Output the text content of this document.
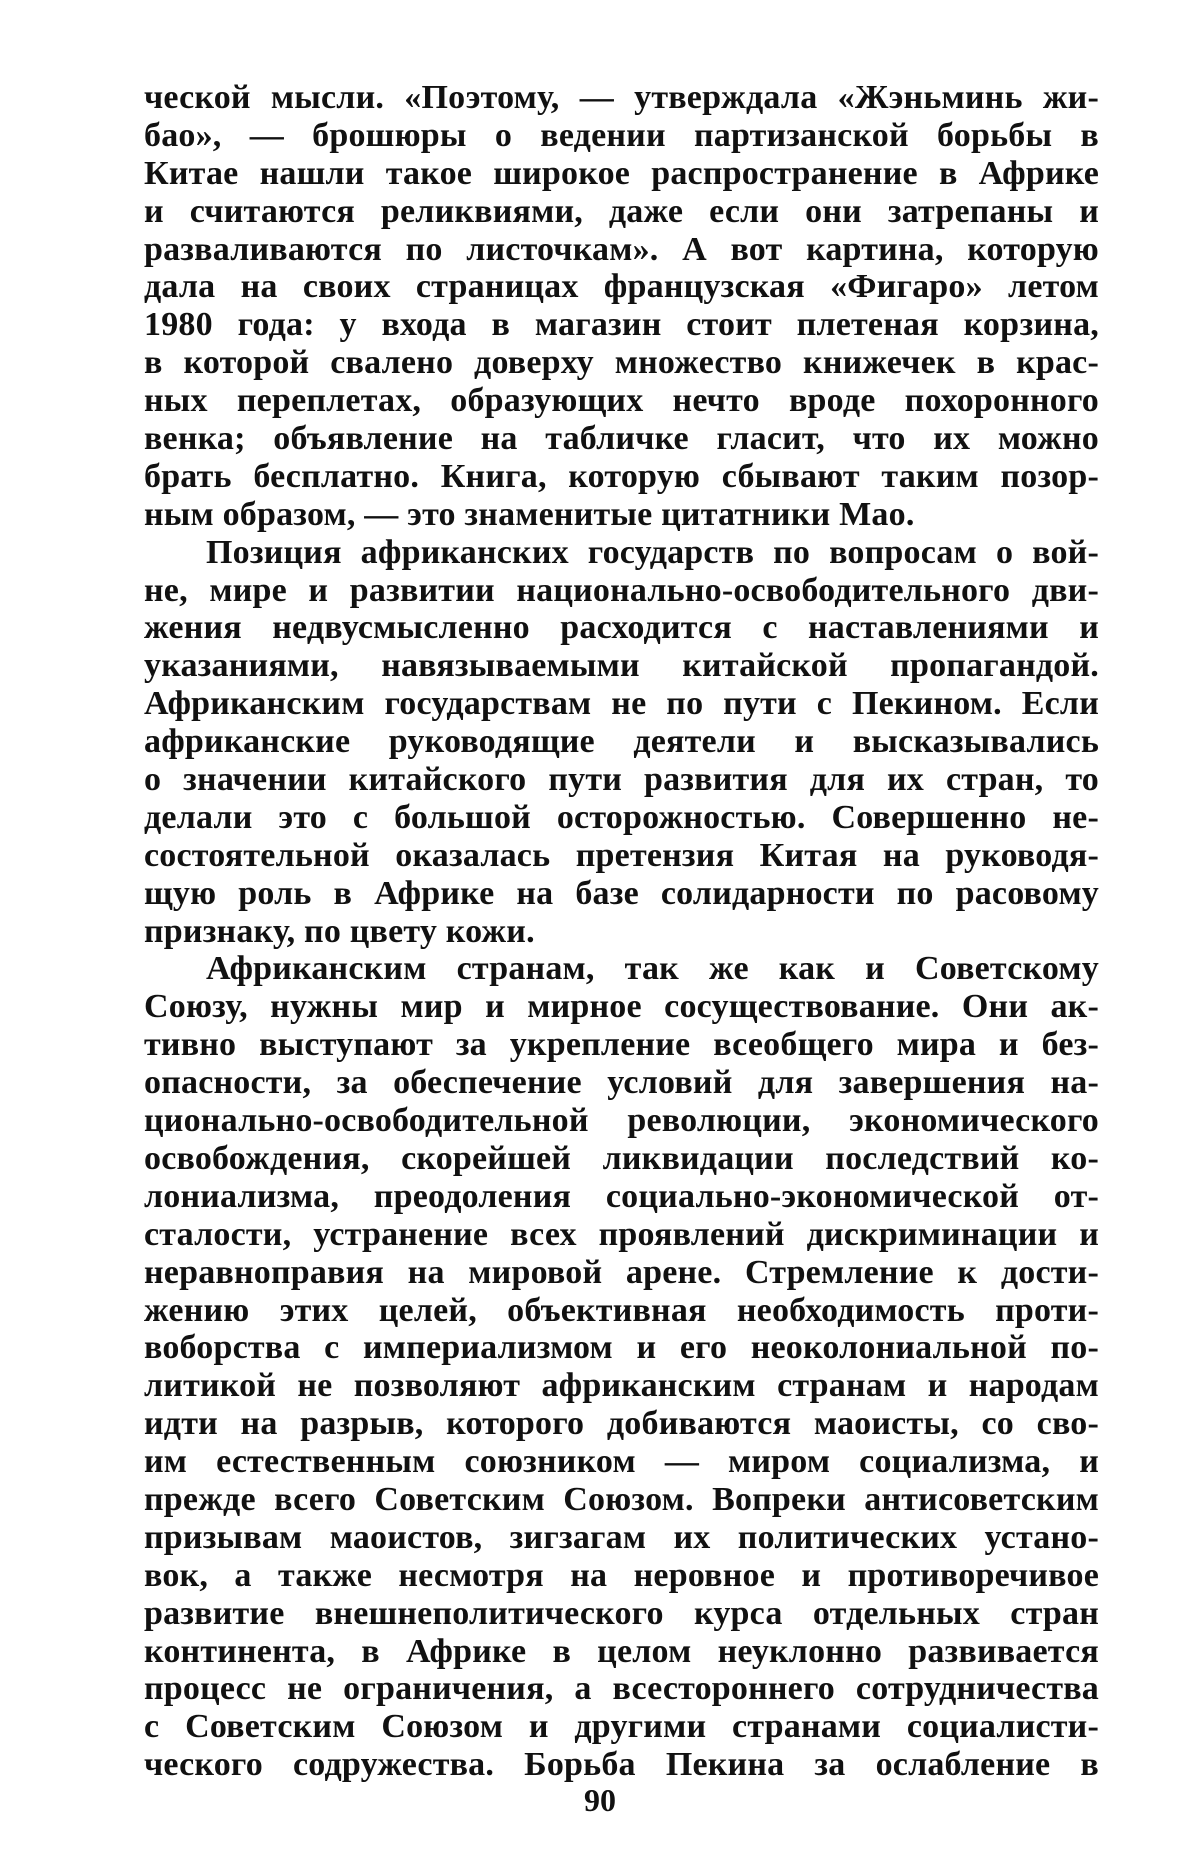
ческой мысли. «Поэтому, — утверждала «Жэньминь жи-
бао», — брошюры о ведении партизанской борьбы в
Китае нашли такое широкое распространение в Африке
и считаются реликвиями, даже если они затрепаны и
разваливаются по листочкам». А вот картина, которую
дала на своих страницах французская «Фигаро» летом
1980 года: у входа в магазин стоит плетеная корзина,
в которой свалено доверху множество книжечек в крас-
ных переплетах, образующих нечто вроде похоронного
венка; объявление на табличке гласит, что их можно
брать бесплатно. Книга, которую сбывают таким позор-
ным образом, — это знаменитые цитатники Мао.
Позиция африканских государств по вопросам о вой-
не, мире и развитии национально-освободительного дви-
жения недвусмысленно расходится с наставлениями и
указаниями, навязываемыми китайской пропагандой.
Африканским государствам не по пути с Пекином. Если
африканские руководящие деятели и высказывались
о значении китайского пути развития для их стран, то
делали это с большой осторожностью. Совершенно не-
состоятельной оказалась претензия Китая на руководя-
щую роль в Африке на базе солидарности по расовому
признаку, по цвету кожи.
Африканским странам, так же как и Советскому
Союзу, нужны мир и мирное сосуществование. Они ак-
тивно выступают за укрепление всеобщего мира и без-
опасности, за обеспечение условий для завершения на-
ционально-освободительной революции, экономического
освобождения, скорейшей ликвидации последствий ко-
лониализма, преодоления социально-экономической от-
сталости, устранение всех проявлений дискриминации и
неравноправия на мировой арене. Стремление к дости-
жению этих целей, объективная необходимость проти-
воборства с империализмом и его неоколониальной по-
литикой не позволяют африканским странам и народам
идти на разрыв, которого добиваются маоисты, со сво-
им естественным союзником — миром социализма, и
прежде всего Советским Союзом. Вопреки антисоветским
призывам маоистов, зигзагам их политических устано-
вок, а также несмотря на неровное и противоречивое
развитие внешнеполитического курса отдельных стран
континента, в Африке в целом неуклонно развивается
процесс не ограничения, а всестороннего сотрудничества
с Советским Союзом и другими странами социалисти-
ческого содружества. Борьба Пекина за ослабление в
90
